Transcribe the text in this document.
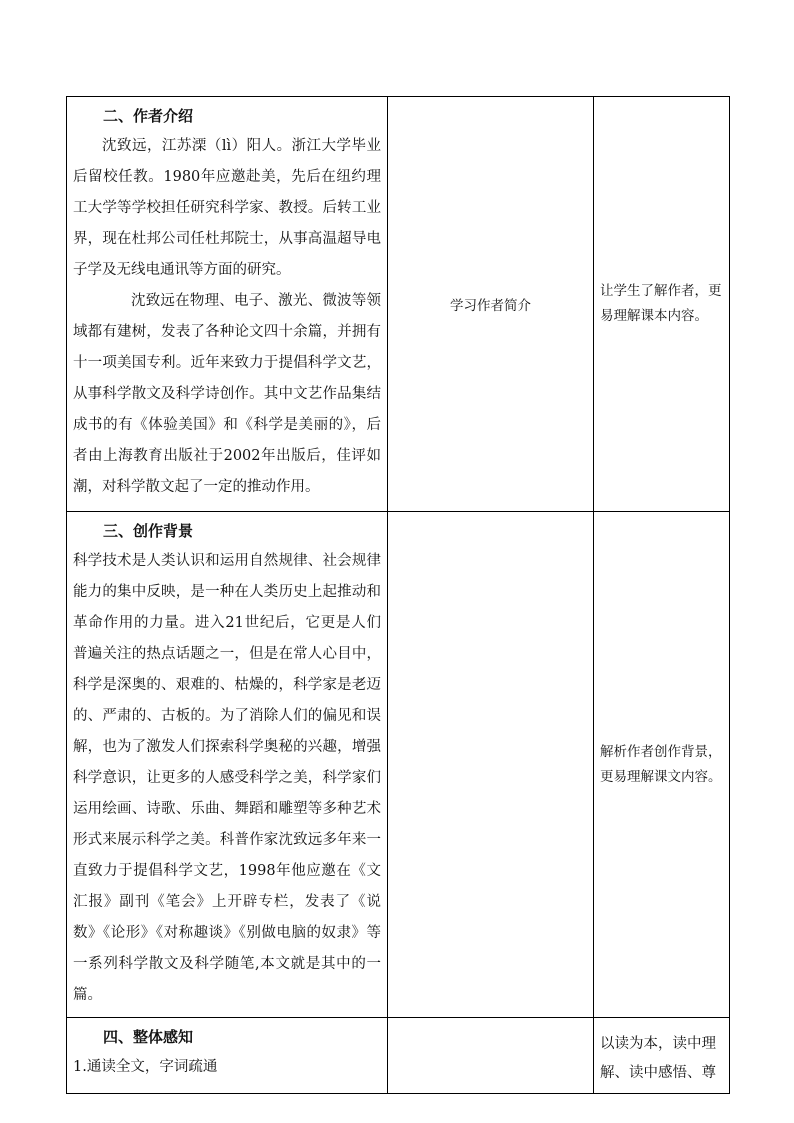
二、作者介绍

沈致远，江苏溧（lì）阳人。浙江大学毕业后留校任教。1980年应邀赴美，先后在纽约理工大学等学校担任研究科学家、教授。后转工业界，现在杜邦公司任杜邦院士，从事高温超导电子学及无线电通讯等方面的研究。

沈致远在物理、电子、激光、微波等领域都有建树，发表了各种论文四十余篇，并拥有十一项美国专利。近年来致力于提倡科学文艺，从事科学散文及科学诗创作。其中文艺作品集结成书的有《体验美国》和《科学是美丽的》，后者由上海教育出版社于2002年出版后，佳评如潮，对科学散文起了一定的推动作用。	学习作者简介	让学生了解作者，更易理解课本内容。

三、创作背景

科学技术是人类认识和运用自然规律、社会规律能力的集中反映，是一种在人类历史上起推动和革命作用的力量。进入21世纪后，它更是人们普遍关注的热点话题之一，但是在常人心目中，科学是深奥的、艰难的、枯燥的，科学家是老迈的、严肃的、古板的。为了消除人们的偏见和误解，也为了激发人们探索科学奥秘的兴趣，增强科学意识，让更多的人感受科学之美，科学家们运用绘画、诗歌、乐曲、舞蹈和雕塑等多种艺术形式来展示科学之美。科普作家沈致远多年来一直致力于提倡科学文艺，1998年他应邀在《文汇报》副刊《笔会》上开辟专栏，发表了《说数》《论形》《对称趣谈》《别做电脑的奴隶》等一系列科学散文及科学随笔,本文就是其中的一篇。		解析作者创作背景，更易理解课文内容。

四、整体感知

1.通读全文，字词疏通		以读为本，读中理解、读中感悟、尊
